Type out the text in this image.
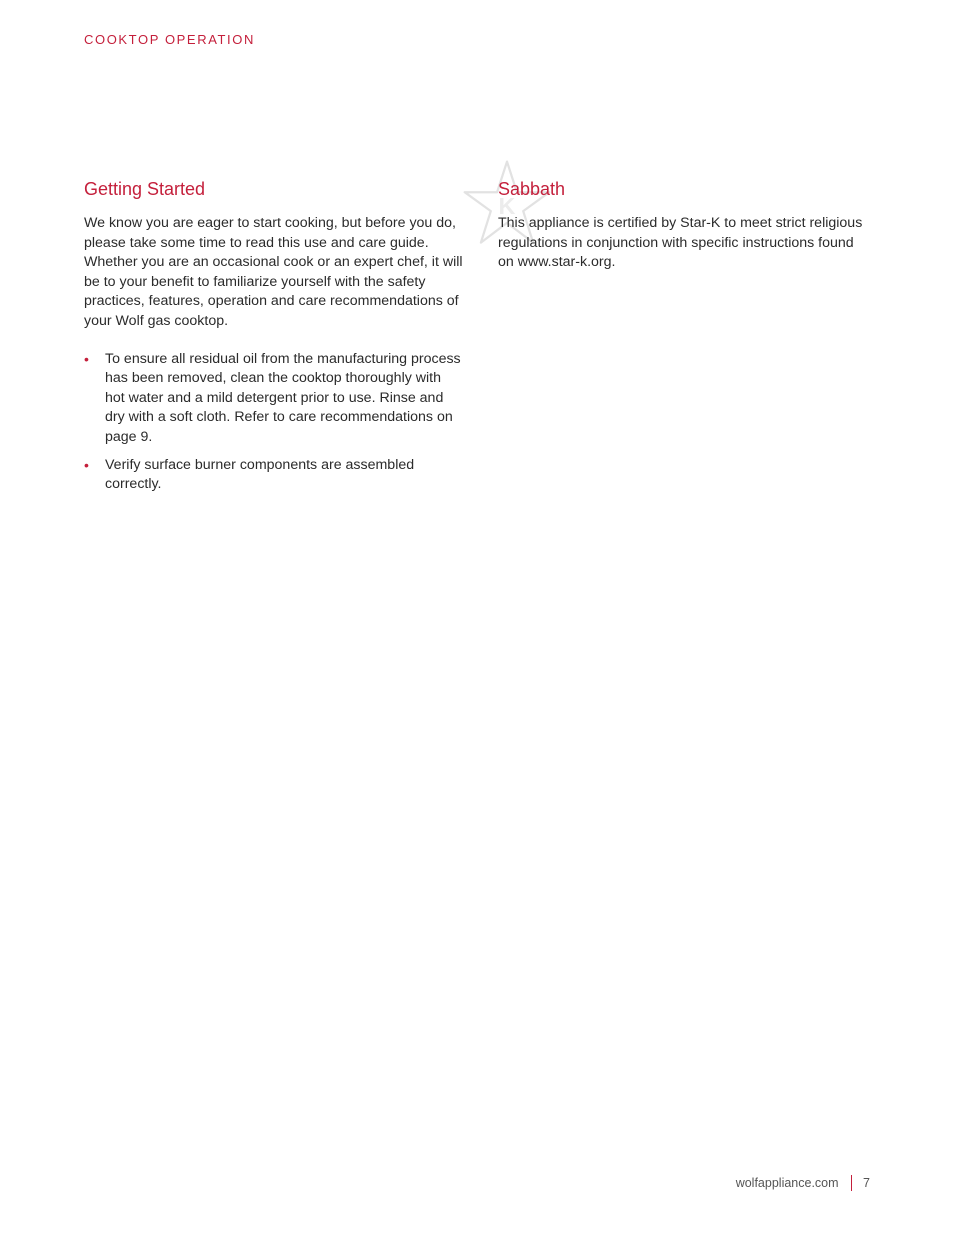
COOKTOP OPERATION
Getting Started

We know you are eager to start cooking, but before you do, please take some time to read this use and care guide. Whether you are an occasional cook or an expert chef, it will be to your benefit to familiarize yourself with the safety practices, features, operation and care recommendations of your Wolf gas cooktop.

• To ensure all residual oil from the manufacturing process has been removed, clean the cooktop thoroughly with hot water and a mild detergent prior to use. Rinse and dry with a soft cloth. Refer to care recommendations on page 9.
• Verify surface burner components are assembled correctly.
K
Sabbath

This appliance is certified by Star-K to meet strict religious regulations in conjunction with specific instructions found on www.star-k.org.

wolfappliance.com 7
